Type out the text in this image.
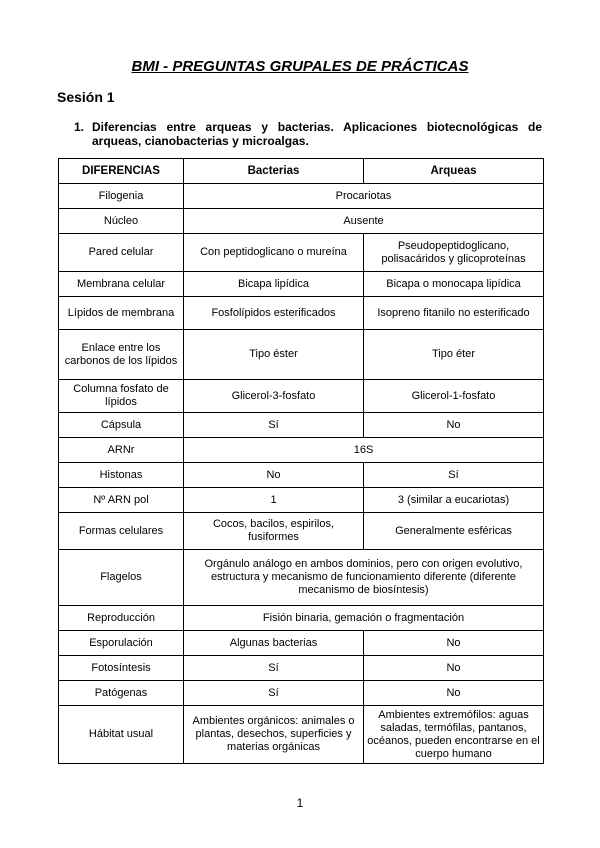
BMI - PREGUNTAS GRUPALES DE PRÁCTICAS
Sesión 1
1. Diferencias entre arqueas y bacterias. Aplicaciones biotecnológicas de arqueas, cianobacterias y microalgas.
DIFERENCIAS	Bacterias	Arqueas
Filogenia	Procariotas	
Núcleo	Ausente	
Pared celular	Con peptidoglicano o mureína	Pseudopeptidoglicano, polisacáridos y glicoproteínas
Membrana celular	Bicapa lipídica	Bicapa o monocapa lipídica
Lípidos de membrana	Fosfolípidos esterificados	Isopreno fitanilo no esterificado
Enlace entre los carbonos de los lípidos	Tipo éster	Tipo éter
Columna fosfato de lípidos	Glicerol-3-fosfato	Glicerol-1-fosfato
Cápsula	Sí	No
ARNr	16S	
Histonas	No	Sí
Nº ARN pol	1	3 (similar a eucariotas)
Formas celulares	Cocos, bacilos, espirilos, fusiformes	Generalmente esféricas
Flagelos	Orgánulo análogo en ambos dominios, pero con origen evolutivo, estructura y mecanismo de funcionamiento diferente (diferente mecanismo de biosíntesis)	
Reproducción	Fisión binaria, gemación o fragmentación	
Esporulación	Algunas bacterias	No
Fotosíntesis	Sí	No
Patógenas	Sí	No
Hábitat usual	Ambientes orgánicos: animales o plantas, desechos, superficies y materias orgánicas	Ambientes extremófilos: aguas saladas, termófilas, pantanos, océanos, pueden encontrarse en el cuerpo humano
1
